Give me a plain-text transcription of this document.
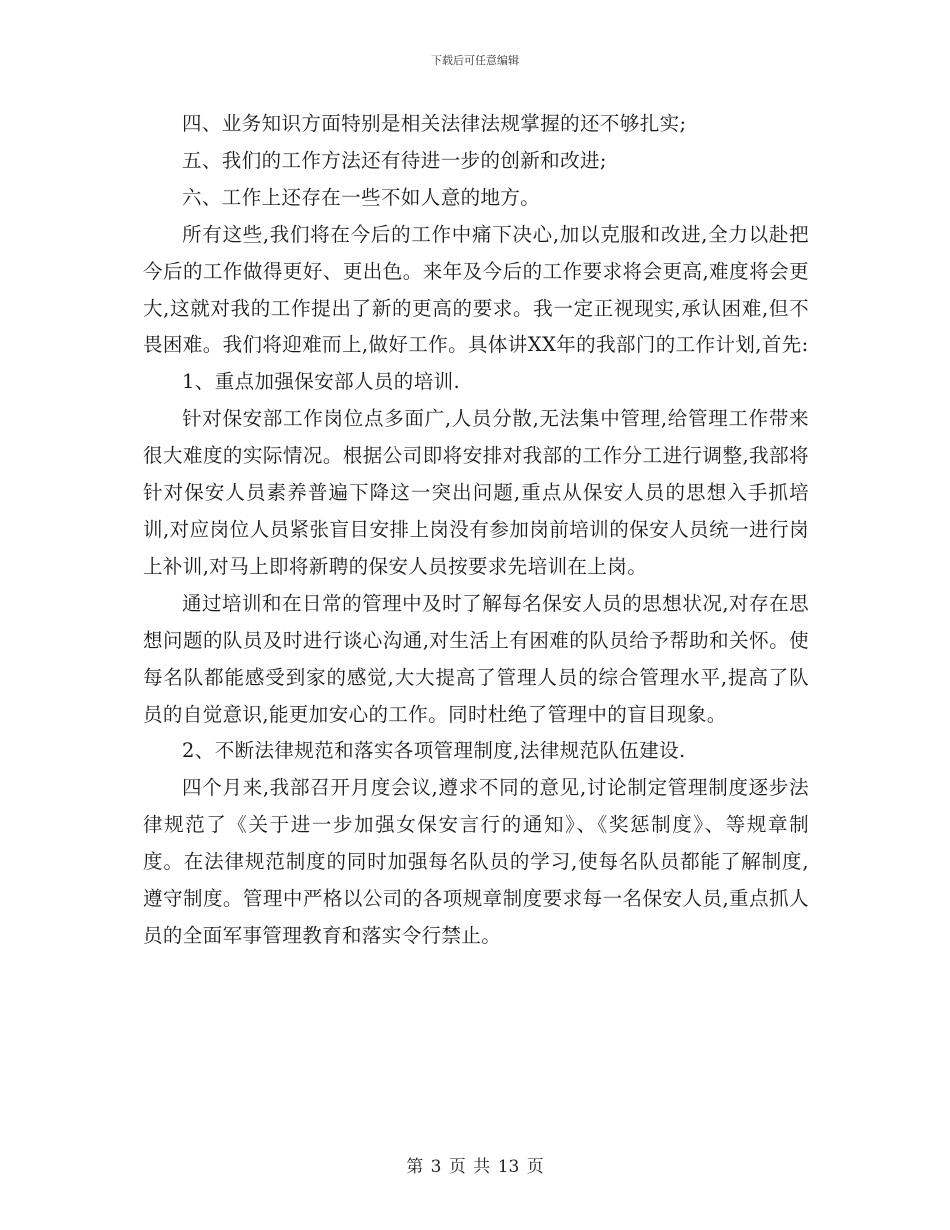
下载后可任意编辑

四、业务知识方面特别是相关法律法规掌握的还不够扎实;

五、我们的工作方法还有待进一步的创新和改进;

六、工作上还存在一些不如人意的地方。

所有这些,我们将在今后的工作中痛下决心,加以克服和改进,全力以赴把今后的工作做得更好、更出色。来年及今后的工作要求将会更高,难度将会更大,这就对我的工作提出了新的更高的要求。我一定正视现实,承认困难,但不畏困难。我们将迎难而上,做好工作。具体讲XX年的我部门的工作计划,首先:

1、重点加强保安部人员的培训.

针对保安部工作岗位点多面广,人员分散,无法集中管理,给管理工作带来很大难度的实际情况。根据公司即将安排对我部的工作分工进行调整,我部将针对保安人员素养普遍下降这一突出问题,重点从保安人员的思想入手抓培训,对应岗位人员紧张盲目安排上岗没有参加岗前培训的保安人员统一进行岗上补训,对马上即将新聘的保安人员按要求先培训在上岗。

通过培训和在日常的管理中及时了解每名保安人员的思想状况,对存在思想问题的队员及时进行谈心沟通,对生活上有困难的队员给予帮助和关怀。使每名队都能感受到家的感觉,大大提高了管理人员的综合管理水平,提高了队员的自觉意识,能更加安心的工作。同时杜绝了管理中的盲目现象。

2、不断法律规范和落实各项管理制度,法律规范队伍建设.

四个月来,我部召开月度会议,遵求不同的意见,讨论制定管理制度逐步法律规范了《关于进一步加强女保安言行的通知》、《奖惩制度》、等规章制度。在法律规范制度的同时加强每名队员的学习,使每名队员都能了解制度,遵守制度。管理中严格以公司的各项规章制度要求每一名保安人员,重点抓人员的全面军事管理教育和落实令行禁止。

第 3 页 共 13 页
